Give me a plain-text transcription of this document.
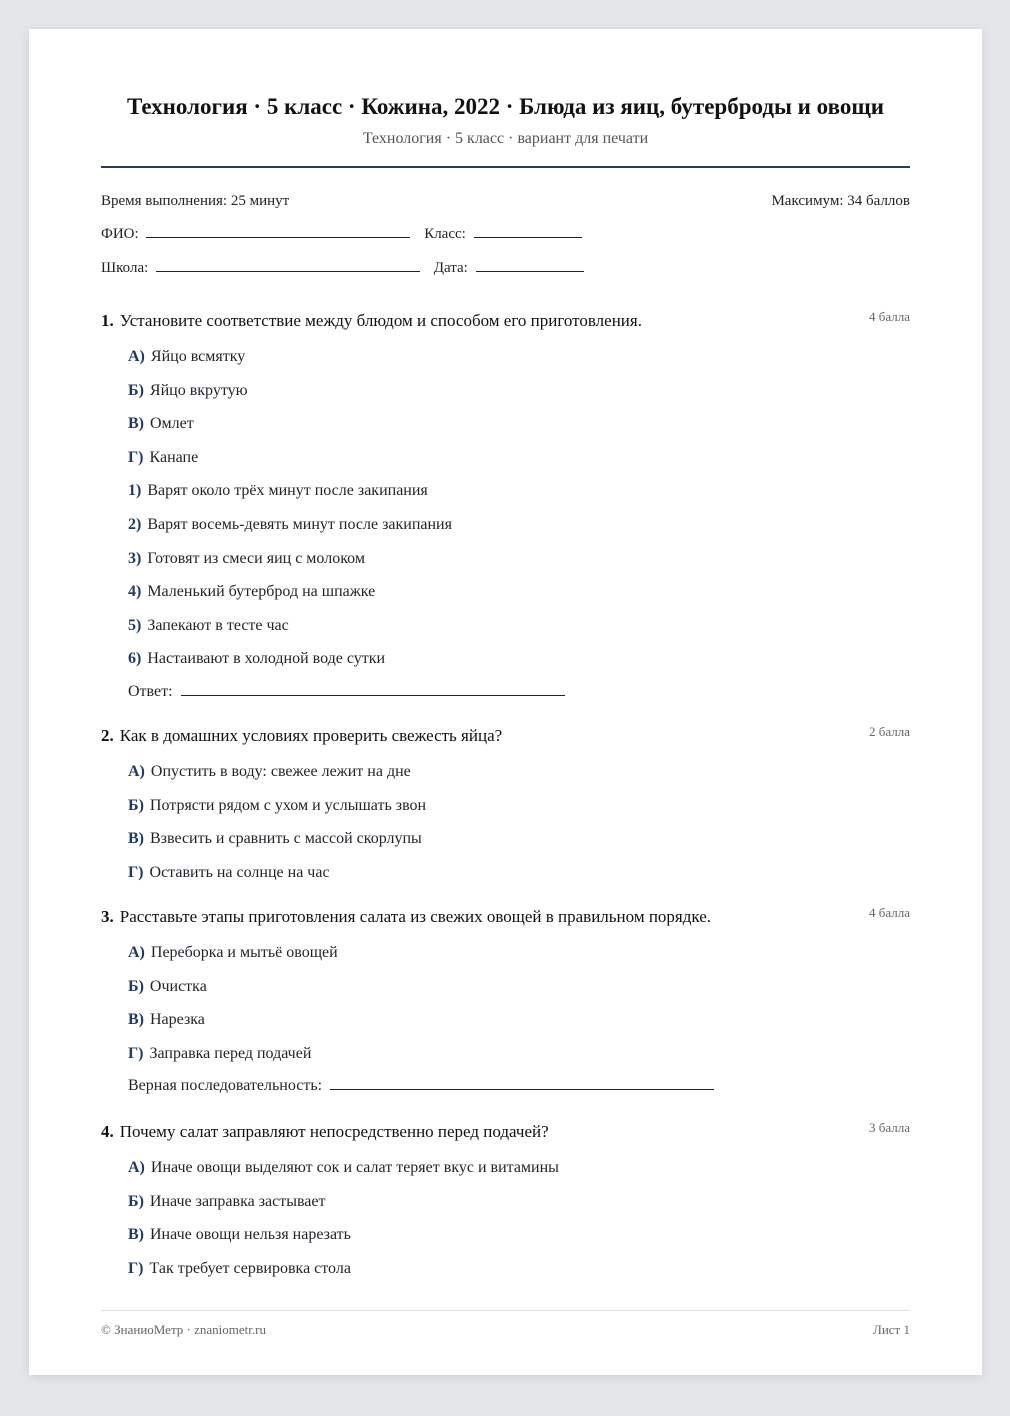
Технология · 5 класс · Кожина, 2022 · Блюда из яиц, бутерброды и овощи
Технология · 5 класс · вариант для печати
Время выполнения: 25 минут	Максимум: 34 баллов
ФИО:	Класс:
Школа:	Дата:
1. Установите соответствие между блюдом и способом его приготовления.	4 балла
А) Яйцо всмятку
Б) Яйцо вкрутую
В) Омлет
Г) Канапе
1) Варят около трёх минут после закипания
2) Варят восемь-девять минут после закипания
3) Готовят из смеси яиц с молоком
4) Маленький бутерброд на шпажке
5) Запекают в тесте час
6) Настаивают в холодной воде сутки
Ответ:
2. Как в домашних условиях проверить свежесть яйца?	2 балла
А) Опустить в воду: свежее лежит на дне
Б) Потрясти рядом с ухом и услышать звон
В) Взвесить и сравнить с массой скорлупы
Г) Оставить на солнце на час
3. Расставьте этапы приготовления салата из свежих овощей в правильном порядке.	4 балла
А) Переборка и мытьё овощей
Б) Очистка
В) Нарезка
Г) Заправка перед подачей
Верная последовательность:
4. Почему салат заправляют непосредственно перед подачей?	3 балла
А) Иначе овощи выделяют сок и салат теряет вкус и витамины
Б) Иначе заправка застывает
В) Иначе овощи нельзя нарезать
Г) Так требует сервировка стола
© ЗнаниоМетр · znaniometr.ru	Лист 1
